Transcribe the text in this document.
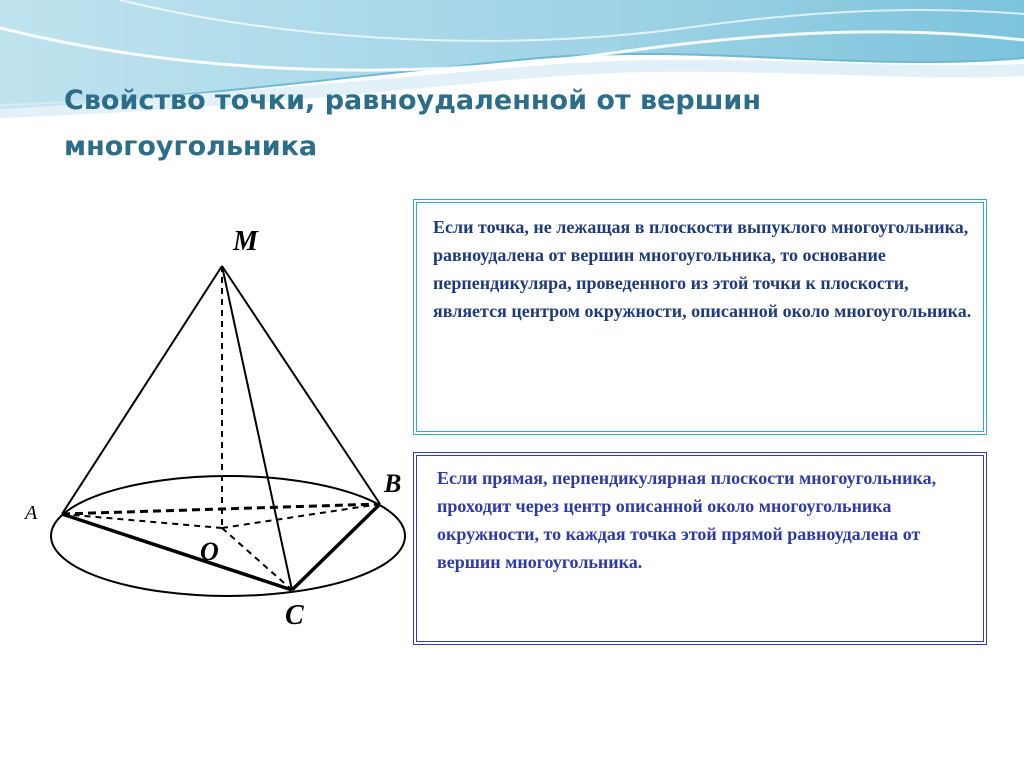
Свойство точки, равноудаленной от вершин
многоугольника
M
A
B
O
C

Если точка, не лежащая в плоскости выпуклого многоугольника, равноудалена от вершин многоугольника, то основание перпендикуляра, проведенного из этой точки к плоскости, является центром окружности, описанной около многоугольника.

Если прямая, перпендикулярная плоскости многоугольника, проходит через центр описанной около многоугольника окружности, то каждая точка этой прямой равноудалена от вершин многоугольника.
